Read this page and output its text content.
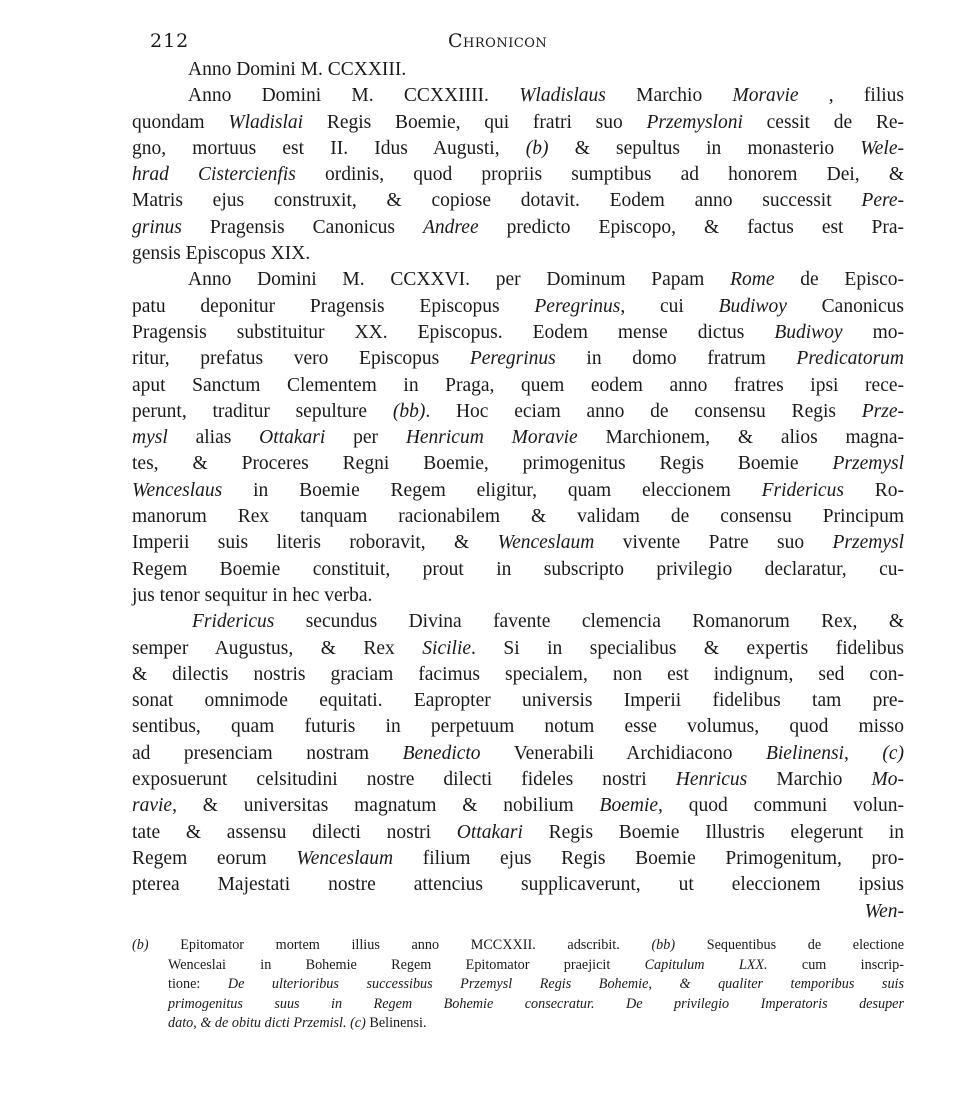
212	Chronicon
Anno Domini M. CCXXIII.
Anno Domini M. CCXXIIII. Wladislaus Marchio Moravie , filius
quondam Wladislai Regis Boemie, qui fratri suo Przemysloni cessit de Re-
gno, mortuus est II. Idus Augusti, (b) & sepultus in monasterio Wele-
hrad Cistercienfis ordinis, quod propriis sumptibus ad honorem Dei, &
Matris ejus construxit, & copiose dotavit. Eodem anno successit Pere-
grinus Pragensis Canonicus Andree predicto Episcopo, & factus est Pra-
gensis Episcopus XIX.
Anno Domini M. CCXXVI. per Dominum Papam Rome de Episco-
patu deponitur Pragensis Episcopus Peregrinus, cui Budiwoy Canonicus
Pragensis substituitur XX. Episcopus. Eodem mense dictus Budiwoy mo-
ritur, prefatus vero Episcopus Peregrinus in domo fratrum Predicatorum
aput Sanctum Clementem in Praga, quem eodem anno fratres ipsi rece-
perunt, traditur sepulture (bb). Hoc eciam anno de consensu Regis Prze-
mysl alias Ottakari per Henricum Moravie Marchionem, & alios magna-
tes, & Proceres Regni Boemie, primogenitus Regis Boemie Przemysl
Wenceslaus in Boemie Regem eligitur, quam eleccionem Fridericus Ro-
manorum Rex tanquam racionabilem & validam de consensu Principum
Imperii suis literis roboravit, & Wenceslaum vivente Patre suo Przemysl
Regem Boemie constituit, prout in subscripto privilegio declaratur, cu-
jus tenor sequitur in hec verba.
Fridericus secundus Divina favente clemencia Romanorum Rex, &
semper Augustus, & Rex Sicilie. Si in specialibus & expertis fidelibus
& dilectis nostris graciam facimus specialem, non est indignum, sed con-
sonat omnimode equitati. Eapropter universis Imperii fidelibus tam pre-
sentibus, quam futuris in perpetuum notum esse volumus, quod misso
ad presenciam nostram Benedicto Venerabili Archidiacono Bielinensi, (c)
exposuerunt celsitudini nostre dilecti fideles nostri Henricus Marchio Mo-
ravie, & universitas magnatum & nobilium Boemie, quod communi volun-
tate & assensu dilecti nostri Ottakari Regis Boemie Illustris elegerunt in
Regem eorum Wenceslaum filium ejus Regis Boemie Primogenitum, pro-
pterea Majestati nostre attencius supplicaverunt, ut eleccionem ipsius
Wen-
(b) Epitomator mortem illius anno MCCXXII. adscribit. (bb) Sequentibus de electione
Wenceslai in Bohemie Regem Epitomator praejicit Capitulum LXX. cum inscrip-
tione: De ulterioribus successibus Przemysl Regis Bohemie, & qualiter temporibus suis
primogenitus suus in Regem Bohemie consecratur. De privilegio Imperatoris desuper
dato, & de obitu dicti Przemisl. (c) Belinensi.
